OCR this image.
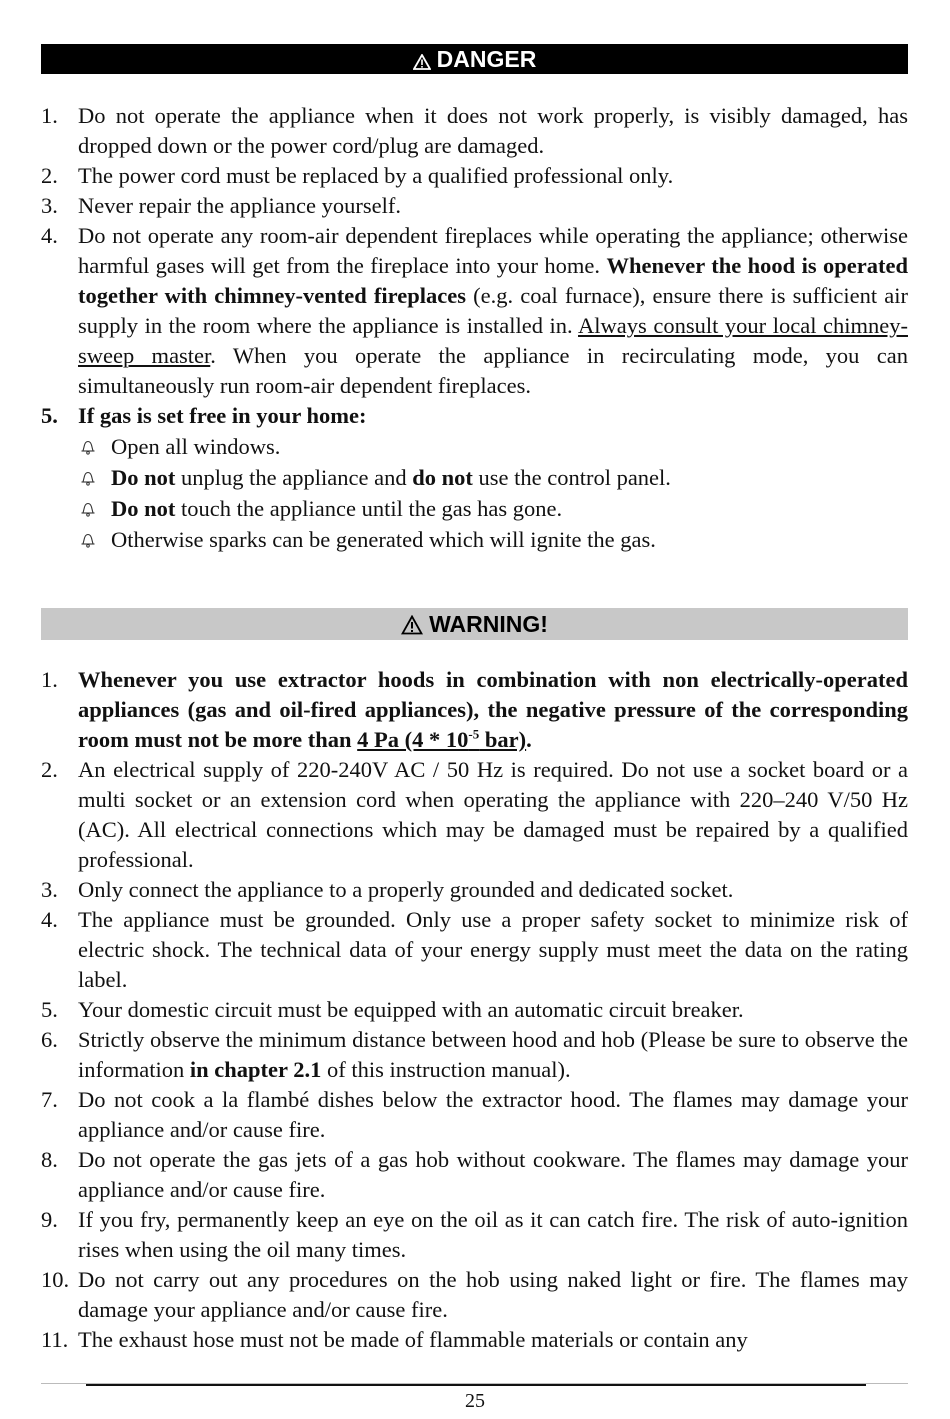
DANGER
1. Do not operate the appliance when it does not work properly, is visibly damaged, has dropped down or the power cord/plug are damaged.
2. The power cord must be replaced by a qualified professional only.
3. Never repair the appliance yourself.
4. Do not operate any room-air dependent fireplaces while operating the appliance; otherwise harmful gases will get from the fireplace into your home. Whenever the hood is operated together with chimney-vented fireplaces (e.g. coal furnace), ensure there is sufficient air supply in the room where the appliance is installed in. Always consult your local chimney-sweep master. When you operate the appliance in recirculating mode, you can simultaneously run room-air dependent fireplaces.
5. If gas is set free in your home:
Open all windows.
Do not unplug the appliance and do not use the control panel.
Do not touch the appliance until the gas has gone.
Otherwise sparks can be generated which will ignite the gas.
WARNING!
1. Whenever you use extractor hoods in combination with non electrically-operated appliances (gas and oil-fired appliances), the negative pressure of the corresponding room must not be more than 4 Pa ($4 * 10^{-5}$ bar).
2. An electrical supply of 220-240V AC / 50 Hz is required. Do not use a socket board or a multi socket or an extension cord when operating the appliance with 220–240 V/50 Hz (AC). All electrical connections which may be damaged must be repaired by a qualified professional.
3. Only connect the appliance to a properly grounded and dedicated socket.
4. The appliance must be grounded. Only use a proper safety socket to minimize risk of electric shock. The technical data of your energy supply must meet the data on the rating label.
5. Your domestic circuit must be equipped with an automatic circuit breaker.
6. Strictly observe the minimum distance between hood and hob (Please be sure to observe the information in chapter 2.1 of this instruction manual).
7. Do not cook a la flambé dishes below the extractor hood. The flames may damage your appliance and/or cause fire.
8. Do not operate the gas jets of a gas hob without cookware. The flames may damage your appliance and/or cause fire.
9. If you fry, permanently keep an eye on the oil as it can catch fire. The risk of auto-ignition rises when using the oil many times.
10. Do not carry out any procedures on the hob using naked light or fire. The flames may damage your appliance and/or cause fire.
11. The exhaust hose must not be made of flammable materials or contain any
25
